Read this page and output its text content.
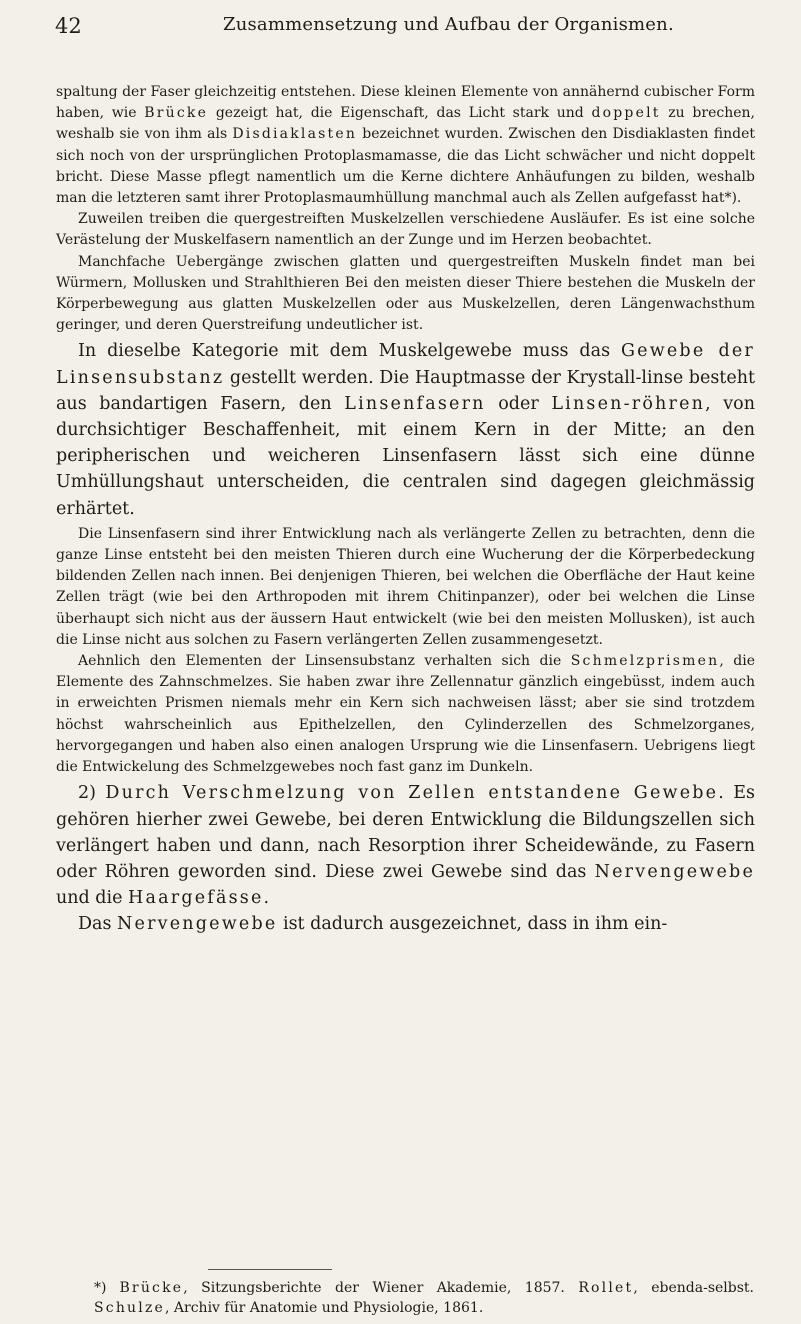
42	Zusammensetzung und Aufbau der Organismen.

spaltung der Faser gleichzeitig entstehen. Diese kleinen Elemente von annähernd cubischer Form haben, wie Brücke gezeigt hat, die Eigenschaft, das Licht stark und doppelt zu brechen, weshalb sie von ihm als Disdiaklasten bezeichnet wurden. Zwischen den Disdiaklasten findet sich noch von der ursprünglichen Protoplasmamasse, die das Licht schwächer und nicht doppelt bricht. Diese Masse pflegt namentlich um die Kerne dichtere Anhäufungen zu bilden, weshalb man die letzteren samt ihrer Protoplasmaumhüllung manchmal auch als Zellen aufgefasst hat*).

Zuweilen treiben die quergestreiften Muskelzellen verschiedene Ausläufer. Es ist eine solche Verästelung der Muskelfasern namentlich an der Zunge und im Herzen beobachtet.

Manchfache Uebergänge zwischen glatten und quergestreiften Muskeln findet man bei Würmern, Mollusken und Strahlthieren Bei den meisten dieser Thiere bestehen die Muskeln der Körperbewegung aus glatten Muskelzellen oder aus Muskelzellen, deren Längenwachsthum geringer, und deren Querstreifung undeutlicher ist.

In dieselbe Kategorie mit dem Muskelgewebe muss das Gewebe der Linsensubstanz gestellt werden. Die Hauptmasse der Krystall-linse besteht aus bandartigen Fasern, den Linsenfasern oder Linsen-röhren, von durchsichtiger Beschaffenheit, mit einem Kern in der Mitte; an den peripherischen und weicheren Linsenfasern lässt sich eine dünne Umhüllungshaut unterscheiden, die centralen sind dagegen gleichmässig erhärtet.

Die Linsenfasern sind ihrer Entwicklung nach als verlängerte Zellen zu betrachten, denn die ganze Linse entsteht bei den meisten Thieren durch eine Wucherung der die Körperbedeckung bildenden Zellen nach innen. Bei denjenigen Thieren, bei welchen die Oberfläche der Haut keine Zellen trägt (wie bei den Arthropoden mit ihrem Chitinpanzer), oder bei welchen die Linse überhaupt sich nicht aus der äussern Haut entwickelt (wie bei den meisten Mollusken), ist auch die Linse nicht aus solchen zu Fasern verlängerten Zellen zusammengesetzt.

Aehnlich den Elementen der Linsensubstanz verhalten sich die Schmelzprismen, die Elemente des Zahnschmelzes. Sie haben zwar ihre Zellennatur gänzlich eingebüsst, indem auch in erweichten Prismen niemals mehr ein Kern sich nachweisen lässt; aber sie sind trotzdem höchst wahrscheinlich aus Epithelzellen, den Cylinderzellen des Schmelzorganes, hervorgegangen und haben also einen analogen Ursprung wie die Linsenfasern. Uebrigens liegt die Entwickelung des Schmelzgewebes noch fast ganz im Dunkeln.

2) Durch Verschmelzung von Zellen entstandene Gewebe. Es gehören hierher zwei Gewebe, bei deren Entwicklung die Bildungszellen sich verlängert haben und dann, nach Resorption ihrer Scheidewände, zu Fasern oder Röhren geworden sind. Diese zwei Gewebe sind das Nervengewebe und die Haargefässe.

Das Nervengewebe ist dadurch ausgezeichnet, dass in ihm ein-

*) Brücke, Sitzungsberichte der Wiener Akademie, 1857. Rollet, ebenda-selbst. Schulze, Archiv für Anatomie und Physiologie, 1861.
